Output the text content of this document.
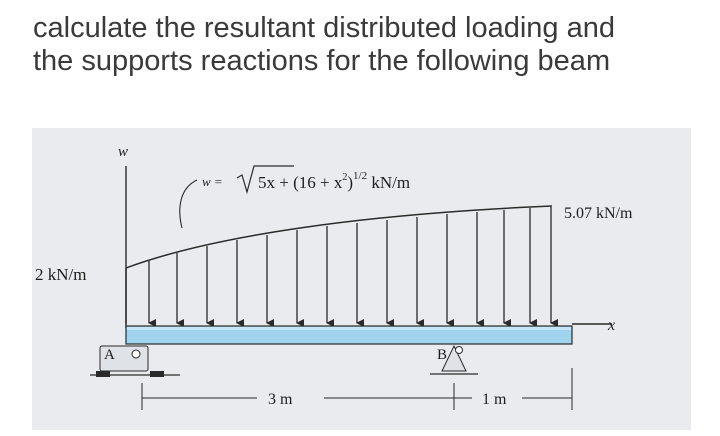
calculate the resultant distributed loading and
the supports reactions for the following beam
w
x
$w = 5x + (16 + x^2)^{1/2}$ kN/m
2 kN/m
5.07 kN/m
A	B
3 m	1 m
